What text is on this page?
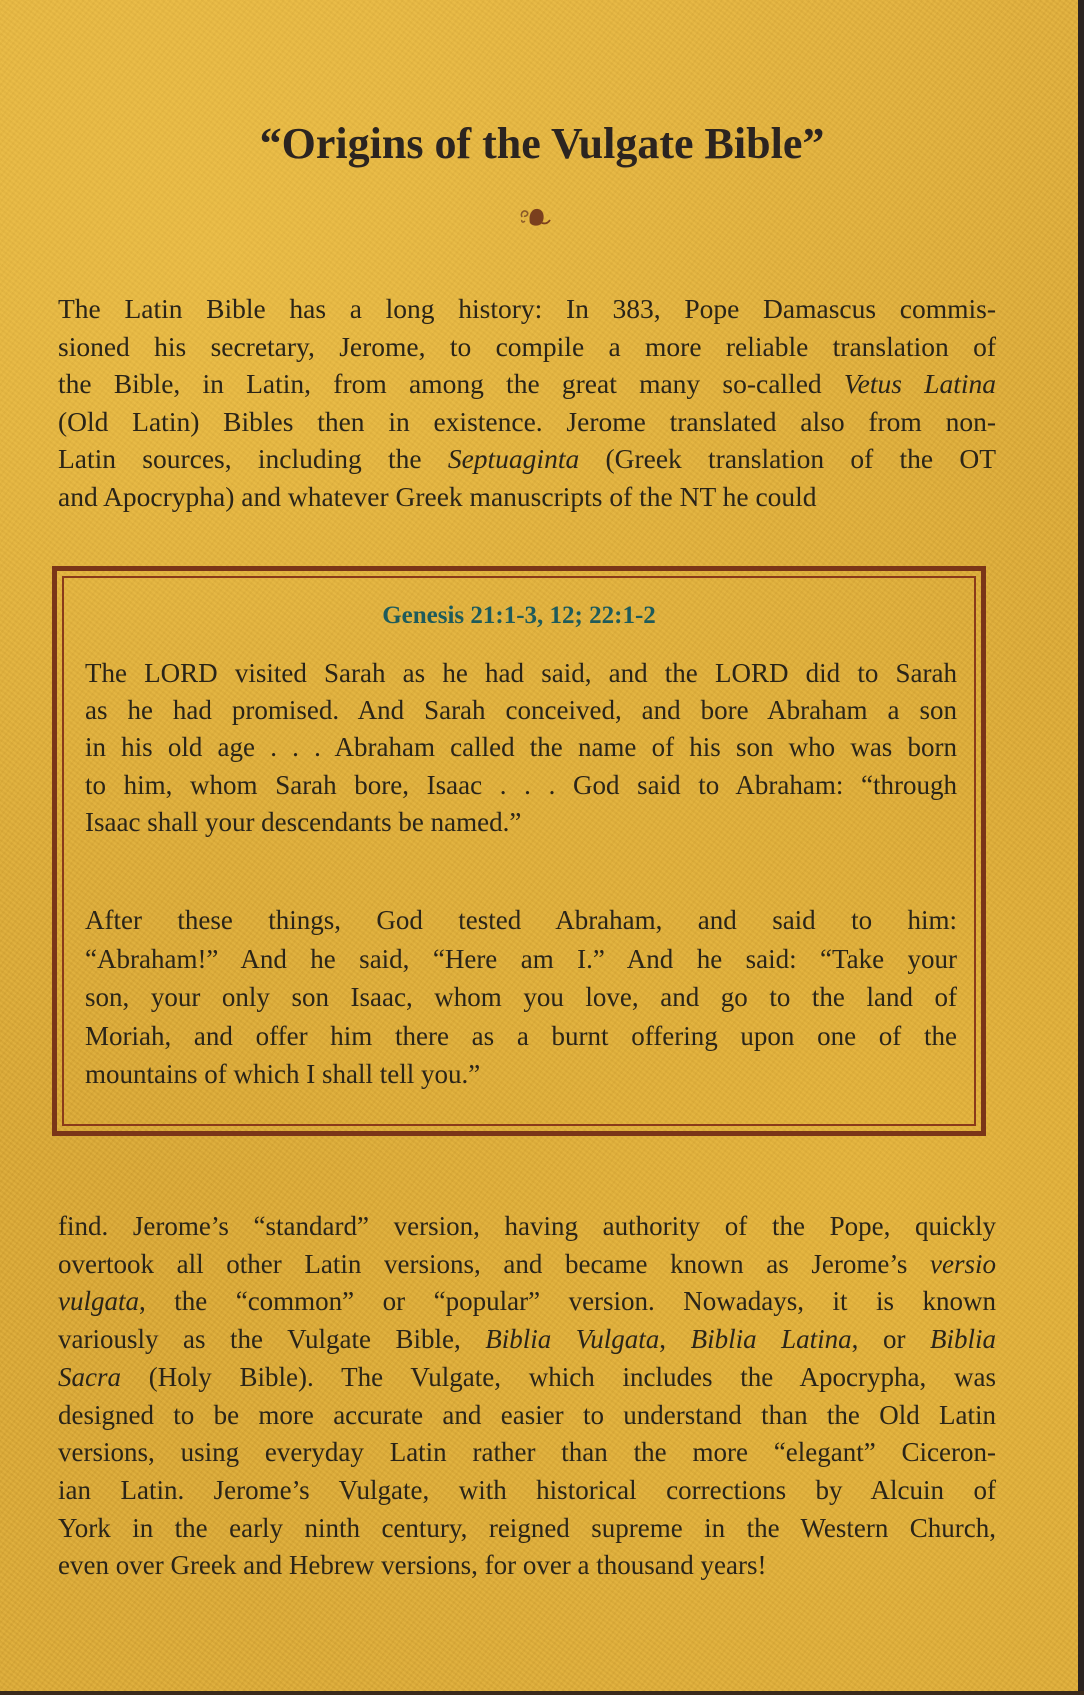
“Origins of the Vulgate Bible”
The Latin Bible has a long history: In 383, Pope Damascus commis-
sioned his secretary, Jerome, to compile a more reliable translation of
the Bible, in Latin, from among the great many so-called Vetus Latina
(Old Latin) Bibles then in existence. Jerome translated also from non-
Latin sources, including the Septuaginta (Greek translation of the OT
and Apocrypha) and whatever Greek manuscripts of the NT he could
Genesis 21:1-3, 12; 22:1-2
The LORD visited Sarah as he had said, and the LORD did to Sarah
as he had promised. And Sarah conceived, and bore Abraham a son
in his old age . . . Abraham called the name of his son who was born
to him, whom Sarah bore, Isaac . . . God said to Abraham: “through
Isaac shall your descendants be named.”
After these things, God tested Abraham, and said to him:
“Abraham!” And he said, “Here am I.” And he said: “Take your
son, your only son Isaac, whom you love, and go to the land of
Moriah, and offer him there as a burnt offering upon one of the
mountains of which I shall tell you.”
find. Jerome’s “standard” version, having authority of the Pope, quickly
overtook all other Latin versions, and became known as Jerome’s versio
vulgata, the “common” or “popular” version. Nowadays, it is known
variously as the Vulgate Bible, Biblia Vulgata, Biblia Latina, or Biblia
Sacra (Holy Bible). The Vulgate, which includes the Apocrypha, was
designed to be more accurate and easier to understand than the Old Latin
versions, using everyday Latin rather than the more “elegant” Ciceron-
ian Latin. Jerome’s Vulgate, with historical corrections by Alcuin of
York in the early ninth century, reigned supreme in the Western Church,
even over Greek and Hebrew versions, for over a thousand years!
